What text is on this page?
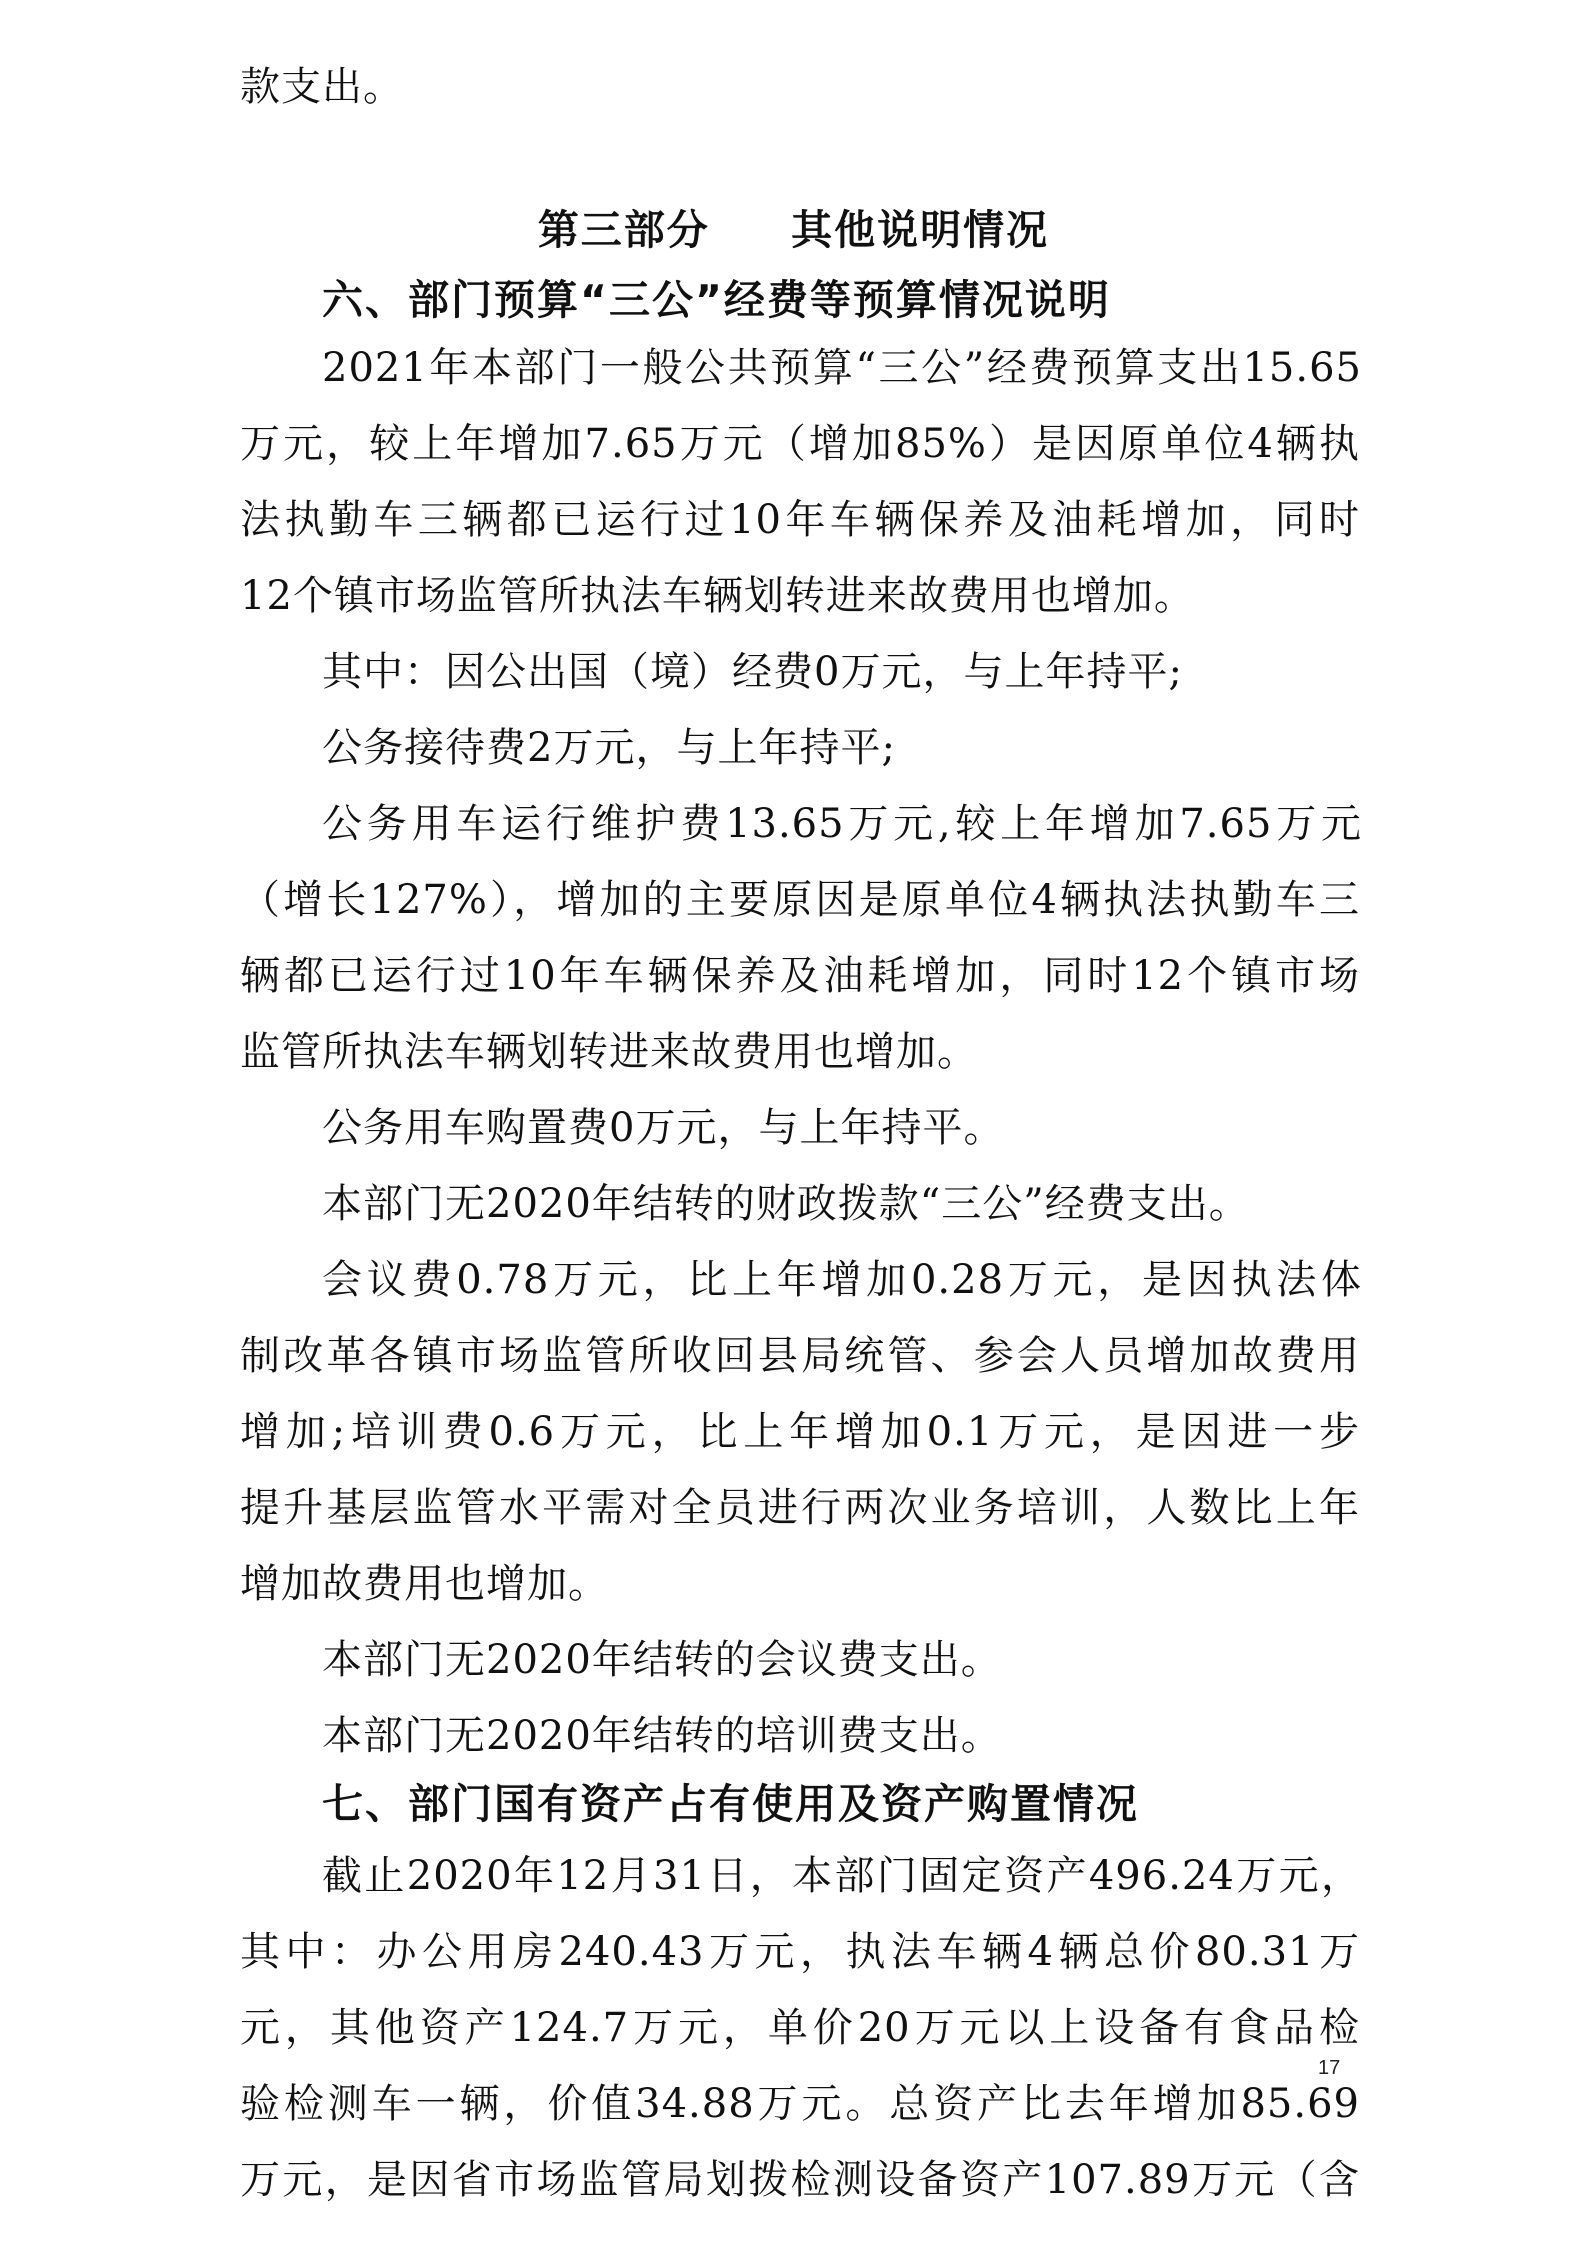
款支出。
第三部分     其他说明情况
六、部门预算“三公”经费等预算情况说明
2021年本部门一般公共预算“三公”经费预算支出15.65
万元，较上年增加7.65万元（增加85%）是因原单位4辆执
法执勤车三辆都已运行过10年车辆保养及油耗增加，同时
12个镇市场监管所执法车辆划转进来故费用也增加。
其中：因公出国（境）经费0万元，与上年持平;
公务接待费2万元，与上年持平;
公务用车运行维护费13.65万元,较上年增加7.65万元
（增长127%），增加的主要原因是原单位4辆执法执勤车三
辆都已运行过10年车辆保养及油耗增加，同时12个镇市场
监管所执法车辆划转进来故费用也增加。
公务用车购置费0万元，与上年持平。
本部门无2020年结转的财政拨款“三公”经费支出。
会议费0.78万元，比上年增加0.28万元，是因执法体
制改革各镇市场监管所收回县局统管、参会人员增加故费用
增加;培训费0.6万元，比上年增加0.1万元，是因进一步
提升基层监管水平需对全员进行两次业务培训，人数比上年
增加故费用也增加。
本部门无2020年结转的会议费支出。
本部门无2020年结转的培训费支出。
七、部门国有资产占有使用及资产购置情况
截止2020年12月31日，本部门固定资产496.24万元，
其中：办公用房240.43万元，执法车辆4辆总价80.31万
元，其他资产124.7万元，单价20万元以上设备有食品检
验检测车一辆，价值34.88万元。总资产比去年增加85.69
万元，是因省市场监管局划拨检测设备资产107.89万元（含
17
